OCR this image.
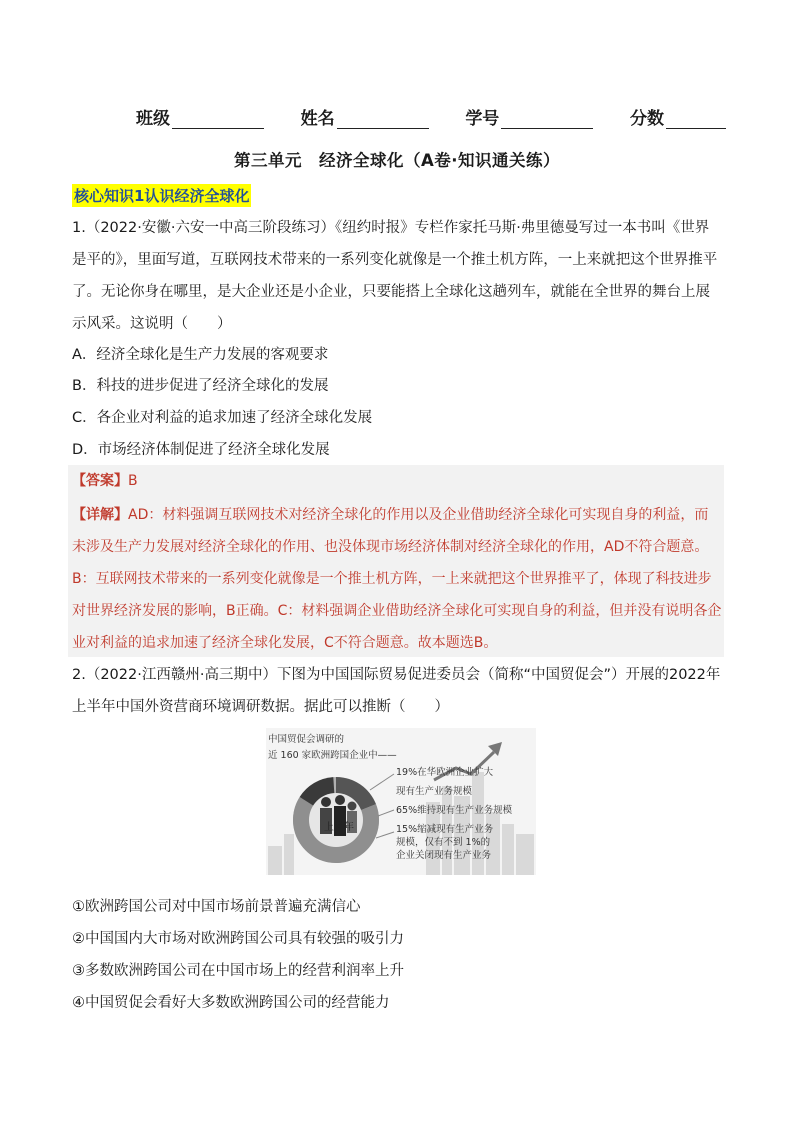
班级	姓名	学号	分数
第三单元　经济全球化（A卷·知识通关练）
核心知识1认识经济全球化
1.（2022·安徽·六安一中高三阶段练习）《纽约时报》专栏作家托马斯·弗里德曼写过一本书叫《世界是平的》，里面写道，互联网技术带来的一系列变化就像是一个推土机方阵，一上来就把这个世界推平了。无论你身在哪里，是大企业还是小企业，只要能搭上全球化这趟列车，就能在全世界的舞台上展示风采。这说明（　　）
A．经济全球化是生产力发展的客观要求
B．科技的进步促进了经济全球化的发展
C．各企业对利益的追求加速了经济全球化发展
D．市场经济体制促进了经济全球化发展
【答案】B
【详解】AD：材料强调互联网技术对经济全球化的作用以及企业借助经济全球化可实现自身的利益，而未涉及生产力发展对经济全球化的作用、也没体现市场经济体制对经济全球化的作用，AD不符合题意。B：互联网技术带来的一系列变化就像是一个推土机方阵，一上来就把这个世界推平了，体现了科技进步对世界经济发展的影响，B正确。C：材料强调企业借助经济全球化可实现自身的利益，但并没有说明各企业对利益的追求加速了经济全球化发展，C不符合题意。故本题选B。
2.（2022·江西赣州·高三期中）下图为中国国际贸易促进委员会（简称“中国贸促会”）开展的2022年上半年中国外资营商环境调研数据。据此可以推断（　　）
上半年
中国贸促会调研的
近 160 家欧洲跨国企业中——
19%在华欧洲企业扩大
现有生产业务规模
65%维持现有生产业务规模
15%缩减现有生产业务
规模，仅有不到 1%的
企业关闭现有生产业务
①欧洲跨国公司对中国市场前景普遍充满信心
②中国国内大市场对欧洲跨国公司具有较强的吸引力
③多数欧洲跨国公司在中国市场上的经营利润率上升
④中国贸促会看好大多数欧洲跨国公司的经营能力
